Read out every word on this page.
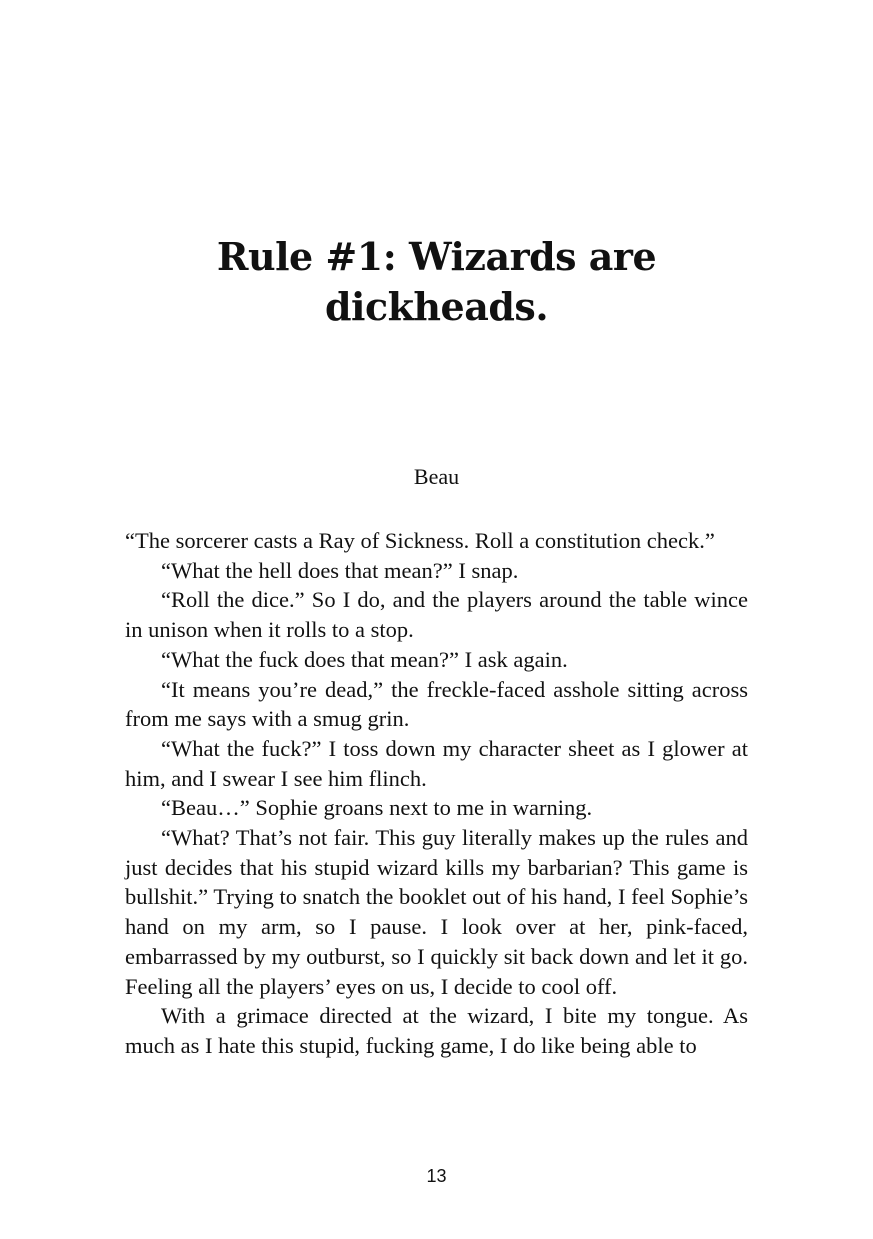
Rule #1: Wizards are
dickheads.

Beau

“The sorcerer casts a Ray of Sickness. Roll a constitution check.”

“What the hell does that mean?” I snap.

“Roll the dice.” So I do, and the players around the table wince in unison when it rolls to a stop.

“What the fuck does that mean?” I ask again.

“It means you’re dead,” the freckle-faced asshole sitting across from me says with a smug grin.

“What the fuck?” I toss down my character sheet as I glower at him, and I swear I see him flinch.

“Beau…” Sophie groans next to me in warning.

“What? That’s not fair. This guy literally makes up the rules and just decides that his stupid wizard kills my barbarian? This game is bullshit.” Trying to snatch the booklet out of his hand, I feel Sophie’s hand on my arm, so I pause. I look over at her, pink-faced, embarrassed by my outburst, so I quickly sit back down and let it go. Feeling all the players’ eyes on us, I decide to cool off.

With a grimace directed at the wizard, I bite my tongue. As much as I hate this stupid, fucking game, I do like being able to

13
